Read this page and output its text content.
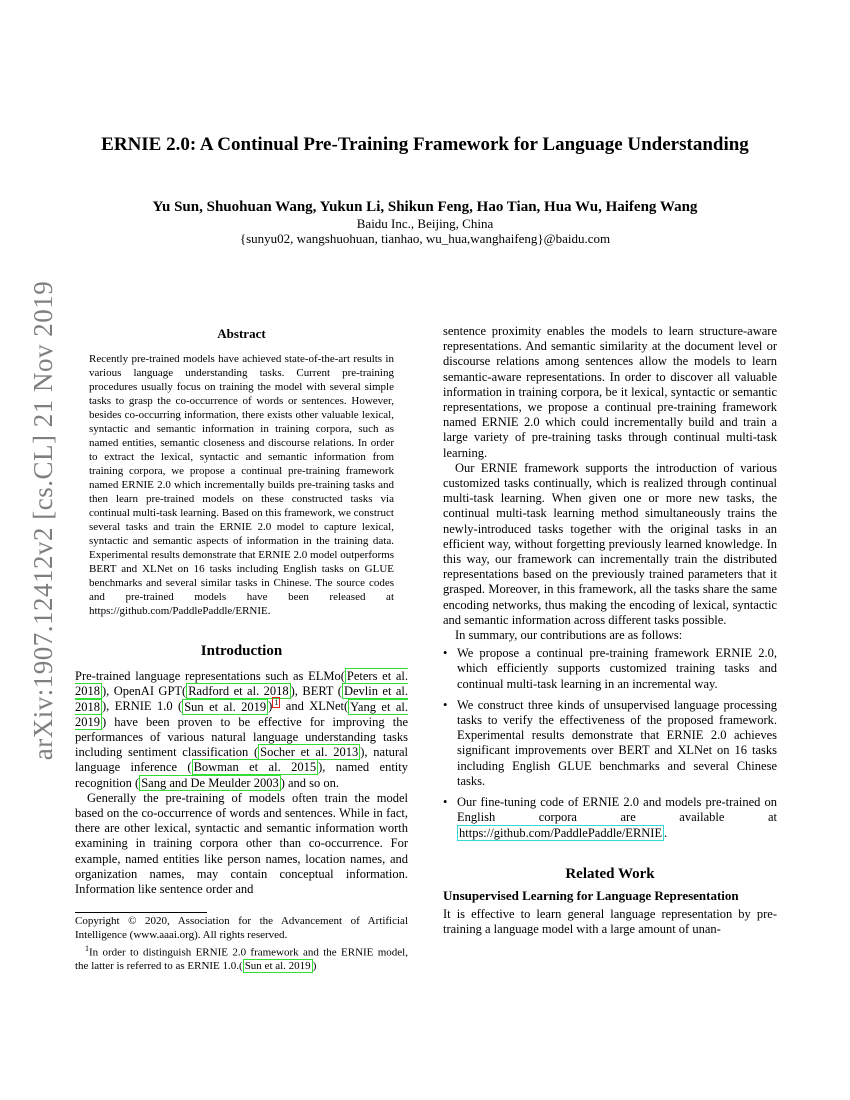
arXiv:1907.12412v2 [cs.CL] 21 Nov 2019
ERNIE 2.0: A Continual Pre-Training Framework for Language Understanding
Yu Sun, Shuohuan Wang, Yukun Li, Shikun Feng, Hao Tian, Hua Wu, Haifeng Wang
Baidu Inc., Beijing, China
{sunyu02, wangshuohuan, tianhao, wu_hua,wanghaifeng}@baidu.com
Abstract

Recently pre-trained models have achieved state-of-the-art results in various language understanding tasks. Current pre-training procedures usually focus on training the model with several simple tasks to grasp the co-occurrence of words or sentences. However, besides co-occurring information, there exists other valuable lexical, syntactic and semantic information in training corpora, such as named entities, semantic closeness and discourse relations. In order to extract the lexical, syntactic and semantic information from training corpora, we propose a continual pre-training framework named ERNIE 2.0 which incrementally builds pre-training tasks and then learn pre-trained models on these constructed tasks via continual multi-task learning. Based on this framework, we construct several tasks and train the ERNIE 2.0 model to capture lexical, syntactic and semantic aspects of information in the training data. Experimental results demonstrate that ERNIE 2.0 model outperforms BERT and XLNet on 16 tasks including English tasks on GLUE benchmarks and several similar tasks in Chinese. The source codes and pre-trained models have been released at https://github.com/PaddlePaddle/ERNIE.

Introduction

Pre-trained language representations such as ELMo( Peters et al. 2018 ), OpenAI GPT( Radford et al. 2018 ), BERT ( Devlin et al. 2018 ), ERNIE 1.0 ( Sun et al. 2019 ) $^1$ and XLNet( Yang et al. 2019 ) have been proven to be effective for improving the performances of various natural language understanding tasks including sentiment classification ( Socher et al. 2013 ), natural language inference ( Bowman et al. 2015 ), named entity recognition ( Sang and De Meulder 2003 ) and so on.

Generally the pre-training of models often train the model based on the co-occurrence of words and sentences. While in fact, there are other lexical, syntactic and semantic information worth examining in training corpora other than co-occurrence. For example, named entities like person names, location names, and organization names, may contain conceptual information. Information like sentence order and

Copyright © 2020, Association for the Advancement of Artificial Intelligence (www.aaai.org). All rights reserved.

$^1$In order to distinguish ERNIE 2.0 framework and the ERNIE model, the latter is referred to as ERNIE 1.0.( Sun et al. 2019 )

sentence proximity enables the models to learn structure-aware representations. And semantic similarity at the document level or discourse relations among sentences allow the models to learn semantic-aware representations. In order to discover all valuable information in training corpora, be it lexical, syntactic or semantic representations, we propose a continual pre-training framework named ERNIE 2.0 which could incrementally build and train a large variety of pre-training tasks through continual multi-task learning.

Our ERNIE framework supports the introduction of various customized tasks continually, which is realized through continual multi-task learning. When given one or more new tasks, the continual multi-task learning method simultaneously trains the newly-introduced tasks together with the original tasks in an efficient way, without forgetting previously learned knowledge. In this way, our framework can incrementally train the distributed representations based on the previously trained parameters that it grasped. Moreover, in this framework, all the tasks share the same encoding networks, thus making the encoding of lexical, syntactic and semantic information across different tasks possible.

In summary, our contributions are as follows:

• We propose a continual pre-training framework ERNIE 2.0, which efficiently supports customized training tasks and continual multi-task learning in an incremental way.
• We construct three kinds of unsupervised language processing tasks to verify the effectiveness of the proposed framework. Experimental results demonstrate that ERNIE 2.0 achieves significant improvements over BERT and XLNet on 16 tasks including English GLUE benchmarks and several Chinese tasks.
• Our fine-tuning code of ERNIE 2.0 and models pre-trained on English corpora are available at https://github.com/PaddlePaddle/ERNIE .
Related Work
Unsupervised Learning for Language Representation

It is effective to learn general language representation by pre-training a language model with a large amount of unan-
